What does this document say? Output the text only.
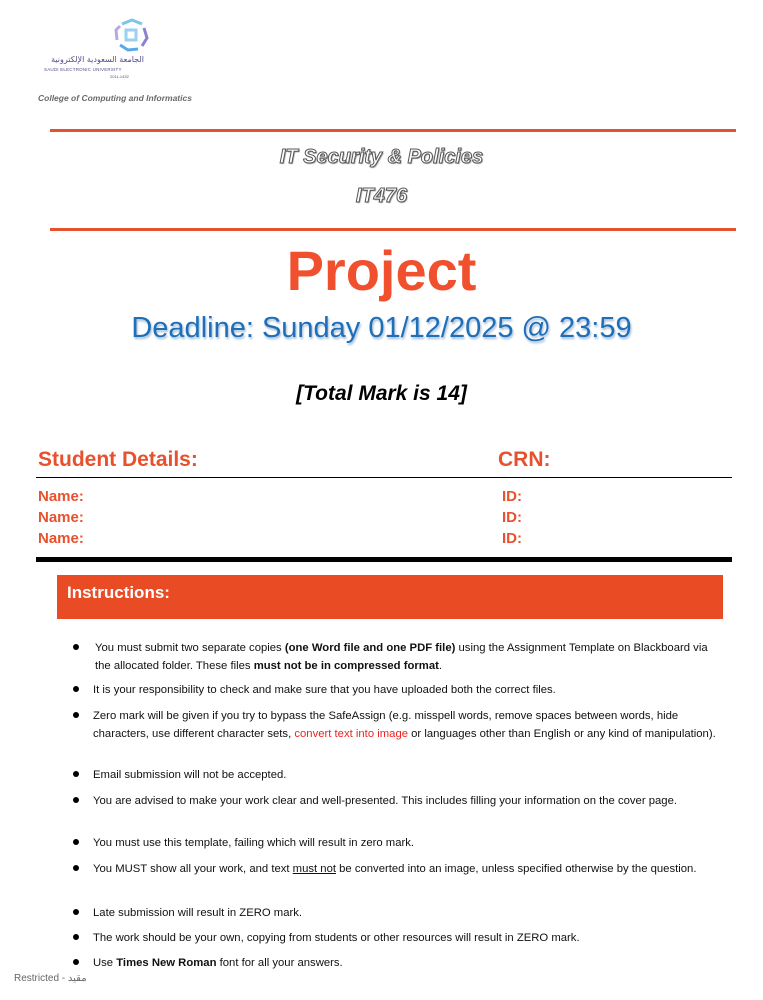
الجامعة السعودية الإلكترونية
SAUDI ELECTRONIC UNIVERSITY
2011-1432
College of Computing and Informatics
IT Security & Policies
IT476
Project
Deadline: Sunday 01/12/2025 @ 23:59
[Total Mark is 14]
Student Details:	CRN:
Name:
Name:
Name:
ID:
ID:
ID:
Instructions:
You must submit two separate copies (one Word file and one PDF file) using the Assignment Template on Blackboard via the allocated folder. These files must not be in compressed format.
It is your responsibility to check and make sure that you have uploaded both the correct files.
Zero mark will be given if you try to bypass the SafeAssign (e.g. misspell words, remove spaces between words, hide characters, use different character sets, convert text into image or languages other than English or any kind of manipulation).
Email submission will not be accepted.
You are advised to make your work clear and well-presented. This includes filling your information on the cover page.
You must use this template, failing which will result in zero mark.
You MUST show all your work, and text must not be converted into an image, unless specified otherwise by the question.
Late submission will result in ZERO mark.
The work should be your own, copying from students or other resources will result in ZERO mark.
Use Times New Roman font for all your answers.
Restricted - مقيد
